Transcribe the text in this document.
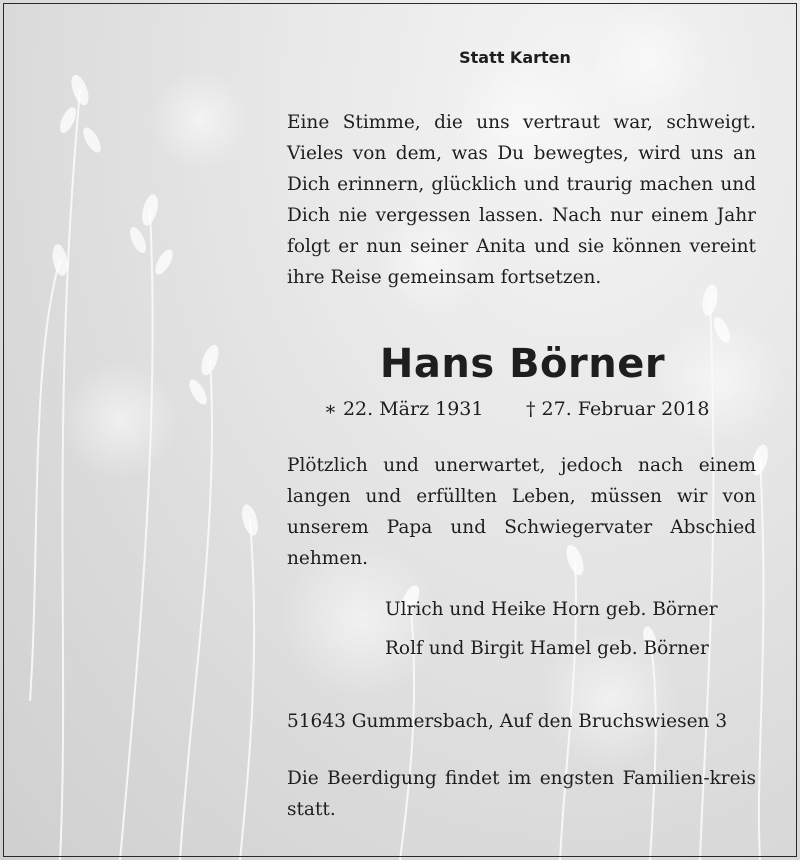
Statt Karten

Eine Stimme, die uns vertraut war, schweigt. Vieles von dem, was Du bewegtes, wird uns an Dich erinnern, glücklich und traurig machen und Dich nie vergessen lassen. Nach nur einem Jahr folgt er nun seiner Anita und sie können vereint ihre Reise gemeinsam fortsetzen.

Hans Börner
∗ 22. März 1931 † 27. Februar 2018

Plötzlich und unerwartet, jedoch nach einem langen und erfüllten Leben, müssen wir von unserem Papa und Schwiegervater Abschied nehmen.

Ulrich und Heike Horn geb. Börner

Rolf und Birgit Hamel geb. Börner

51643 Gummersbach, Auf den Bruchswiesen 3

Die Beerdigung findet im engsten Familien-kreis statt.
